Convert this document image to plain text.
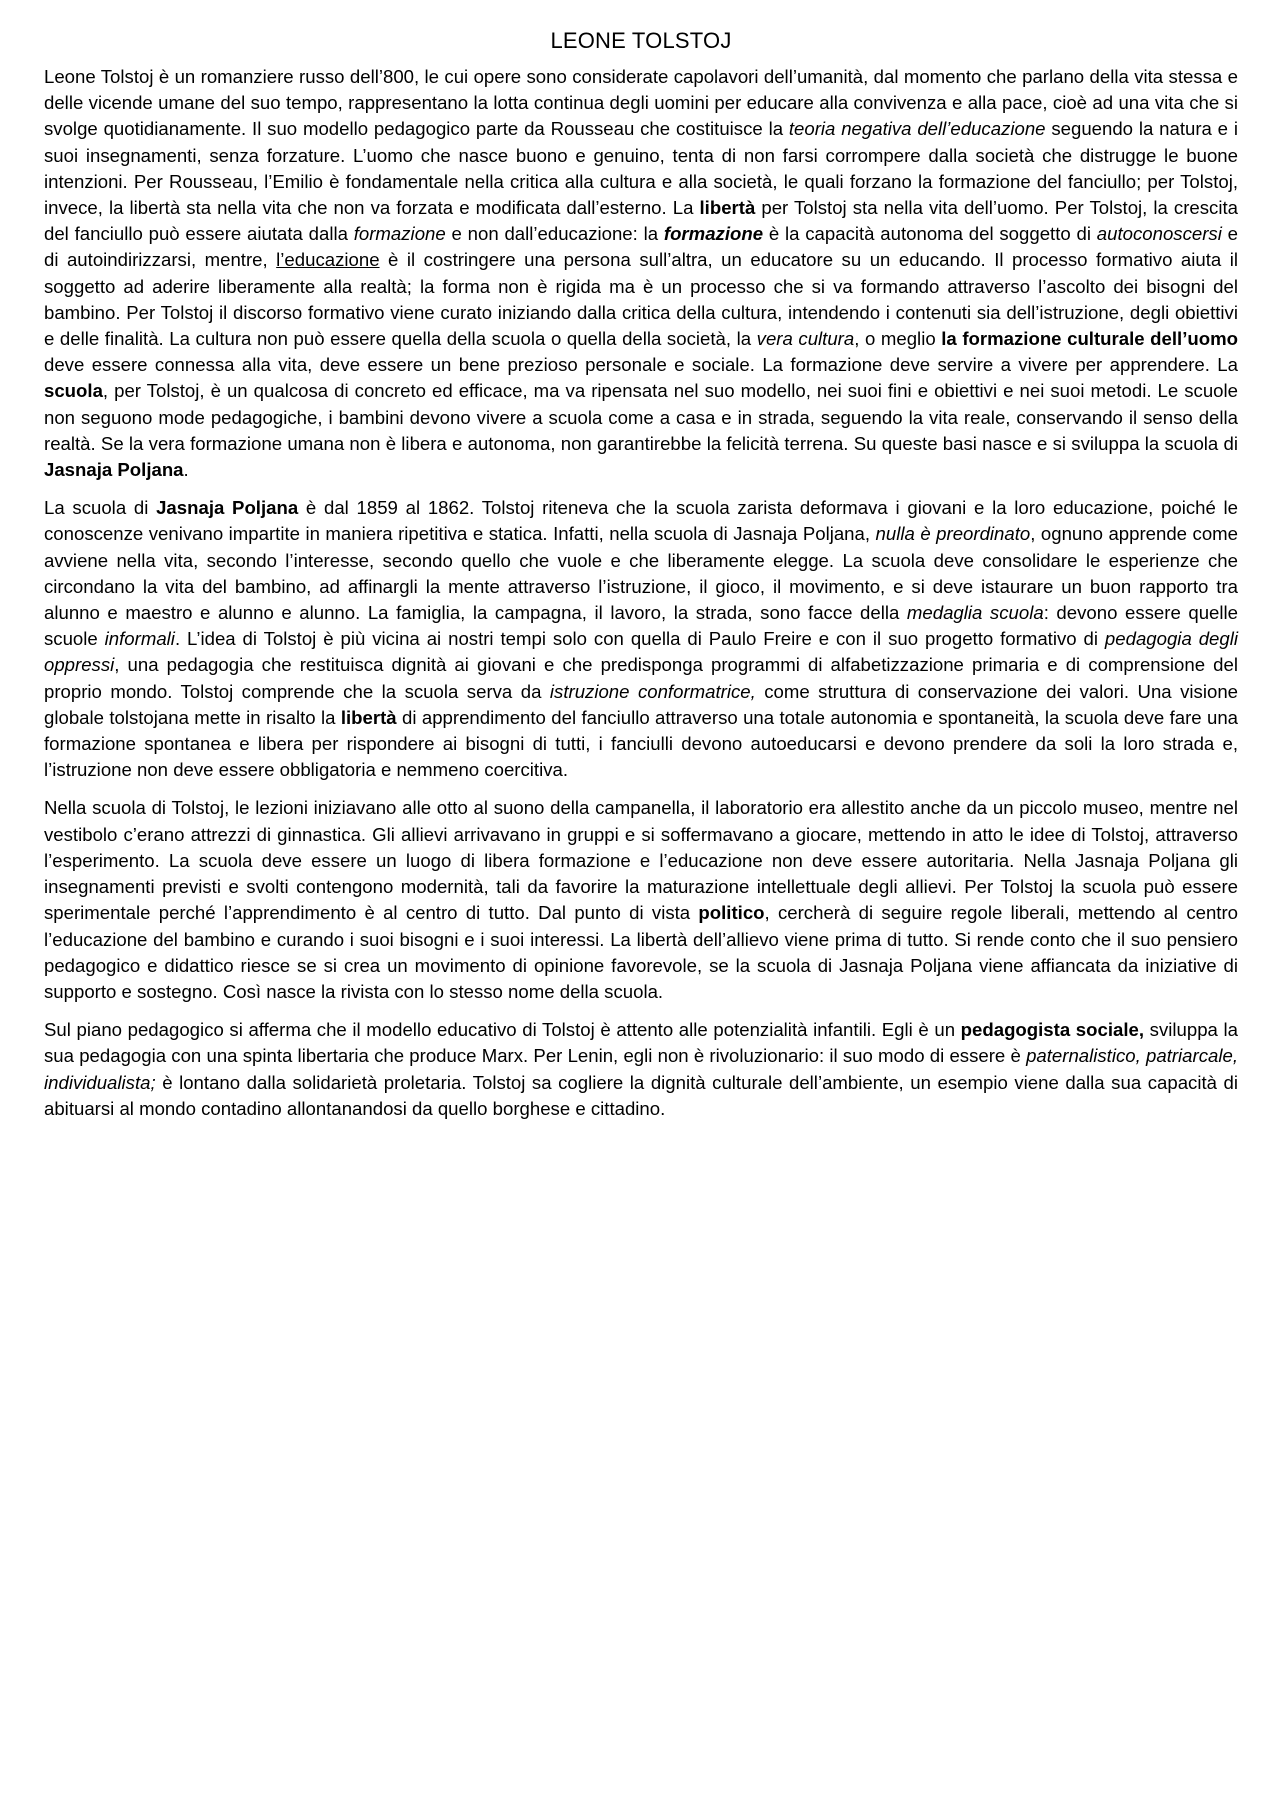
LEONE TOLSTOJ

Leone Tolstoj è un romanziere russo dell’800, le cui opere sono considerate capolavori dell’umanità, dal momento che parlano della vita stessa e delle vicende umane del suo tempo, rappresentano la lotta continua degli uomini per educare alla convivenza e alla pace, cioè ad una vita che si svolge quotidianamente. Il suo modello pedagogico parte da Rousseau che costituisce la teoria negativa dell’educazione seguendo la natura e i suoi insegnamenti, senza forzature. L’uomo che nasce buono e genuino, tenta di non farsi corrompere dalla società che distrugge le buone intenzioni. Per Rousseau, l’Emilio è fondamentale nella critica alla cultura e alla società, le quali forzano la formazione del fanciullo; per Tolstoj, invece, la libertà sta nella vita che non va forzata e modificata dall’esterno. La libertà per Tolstoj sta nella vita dell’uomo. Per Tolstoj, la crescita del fanciullo può essere aiutata dalla formazione e non dall’educazione: la formazione è la capacità autonoma del soggetto di autoconoscersi e di autoindirizzarsi, mentre, l’educazione è il costringere una persona sull’altra, un educatore su un educando. Il processo formativo aiuta il soggetto ad aderire liberamente alla realtà; la forma non è rigida ma è un processo che si va formando attraverso l’ascolto dei bisogni del bambino. Per Tolstoj il discorso formativo viene curato iniziando dalla critica della cultura, intendendo i contenuti sia dell’istruzione, degli obiettivi e delle finalità. La cultura non può essere quella della scuola o quella della società, la vera cultura, o meglio la formazione culturale dell’uomo deve essere connessa alla vita, deve essere un bene prezioso personale e sociale. La formazione deve servire a vivere per apprendere. La scuola, per Tolstoj, è un qualcosa di concreto ed efficace, ma va ripensata nel suo modello, nei suoi fini e obiettivi e nei suoi metodi. Le scuole non seguono mode pedagogiche, i bambini devono vivere a scuola come a casa e in strada, seguendo la vita reale, conservando il senso della realtà. Se la vera formazione umana non è libera e autonoma, non garantirebbe la felicità terrena. Su queste basi nasce e si sviluppa la scuola di Jasnaja Poljana.

La scuola di Jasnaja Poljana è dal 1859 al 1862. Tolstoj riteneva che la scuola zarista deformava i giovani e la loro educazione, poiché le conoscenze venivano impartite in maniera ripetitiva e statica. Infatti, nella scuola di Jasnaja Poljana, nulla è preordinato, ognuno apprende come avviene nella vita, secondo l’interesse, secondo quello che vuole e che liberamente elegge. La scuola deve consolidare le esperienze che circondano la vita del bambino, ad affinargli la mente attraverso l’istruzione, il gioco, il movimento, e si deve istaurare un buon rapporto tra alunno e maestro e alunno e alunno. La famiglia, la campagna, il lavoro, la strada, sono facce della medaglia scuola: devono essere quelle scuole informali. L’idea di Tolstoj è più vicina ai nostri tempi solo con quella di Paulo Freire e con il suo progetto formativo di pedagogia degli oppressi, una pedagogia che restituisca dignità ai giovani e che predisponga programmi di alfabetizzazione primaria e di comprensione del proprio mondo. Tolstoj comprende che la scuola serva da istruzione conformatrice, come struttura di conservazione dei valori. Una visione globale tolstojana mette in risalto la libertà di apprendimento del fanciullo attraverso una totale autonomia e spontaneità, la scuola deve fare una formazione spontanea e libera per rispondere ai bisogni di tutti, i fanciulli devono autoeducarsi e devono prendere da soli la loro strada e, l’istruzione non deve essere obbligatoria e nemmeno coercitiva.

Nella scuola di Tolstoj, le lezioni iniziavano alle otto al suono della campanella, il laboratorio era allestito anche da un piccolo museo, mentre nel vestibolo c’erano attrezzi di ginnastica. Gli allievi arrivavano in gruppi e si soffermavano a giocare, mettendo in atto le idee di Tolstoj, attraverso l’esperimento. La scuola deve essere un luogo di libera formazione e l’educazione non deve essere autoritaria. Nella Jasnaja Poljana gli insegnamenti previsti e svolti contengono modernità, tali da favorire la maturazione intellettuale degli allievi. Per Tolstoj la scuola può essere sperimentale perché l’apprendimento è al centro di tutto. Dal punto di vista politico, cercherà di seguire regole liberali, mettendo al centro l’educazione del bambino e curando i suoi bisogni e i suoi interessi. La libertà dell’allievo viene prima di tutto. Si rende conto che il suo pensiero pedagogico e didattico riesce se si crea un movimento di opinione favorevole, se la scuola di Jasnaja Poljana viene affiancata da iniziative di supporto e sostegno. Così nasce la rivista con lo stesso nome della scuola.

Sul piano pedagogico si afferma che il modello educativo di Tolstoj è attento alle potenzialità infantili. Egli è un pedagogista sociale, sviluppa la sua pedagogia con una spinta libertaria che produce Marx. Per Lenin, egli non è rivoluzionario: il suo modo di essere è paternalistico, patriarcale, individualista; è lontano dalla solidarietà proletaria. Tolstoj sa cogliere la dignità culturale dell’ambiente, un esempio viene dalla sua capacità di abituarsi al mondo contadino allontanandosi da quello borghese e cittadino.
